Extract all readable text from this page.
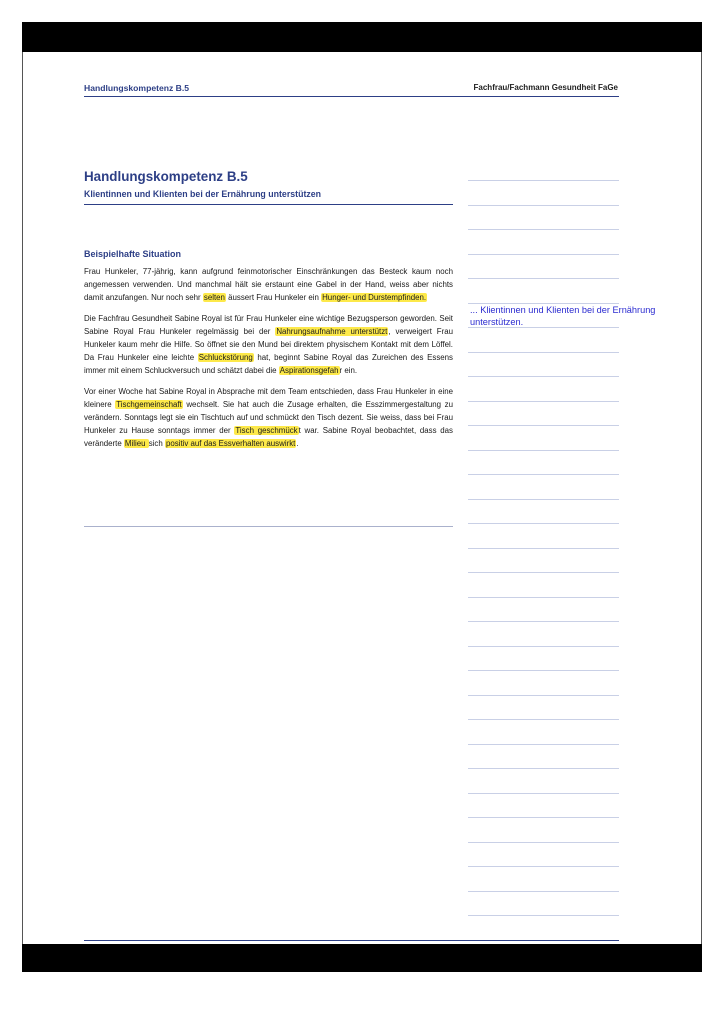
Handlungskompetenz B.5	Fachfrau/Fachmann Gesundheit FaGe
Handlungskompetenz B.5
Klientinnen und Klienten bei der Ernährung unterstützen
Beispielhafte Situation

Frau Hunkeler, 77-jährig, kann aufgrund feinmotorischer Einschränkungen das Besteck kaum noch angemessen verwenden. Und manchmal hält sie erstaunt eine Gabel in der Hand, weiss aber nichts damit anzufangen. Nur noch sehr selten äussert Frau Hunkeler ein Hunger- und Durstempfinden.

Die Fachfrau Gesundheit Sabine Royal ist für Frau Hunkeler eine wichtige Bezugsperson geworden. Seit Sabine Royal Frau Hunkeler regelmässig bei der Nahrungsaufnahme unterstützt, verweigert Frau Hunkeler kaum mehr die Hilfe. So öffnet sie den Mund bei direktem physischem Kontakt mit dem Löffel. Da Frau Hunkeler eine leichte Schluckstörung hat, beginnt Sabine Royal das Zureichen des Essens immer mit einem Schluckversuch und schätzt dabei die Aspirationsgefahr ein.

Vor einer Woche hat Sabine Royal in Absprache mit dem Team entschieden, dass Frau Hunkeler in eine kleinere Tischgemeinschaft wechselt. Sie hat auch die Zusage erhalten, die Esszimmergestaltung zu verändern. Sonntags legt sie ein Tischtuch auf und schmückt den Tisch dezent. Sie weiss, dass bei Frau Hunkeler zu Hause sonntags immer der Tisch geschmückt war. Sabine Royal beobachtet, dass das veränderte Milieu sich positiv auf das Essverhalten auswirkt.

... Klientinnen und Klienten bei der Ernährung unterstützen.
